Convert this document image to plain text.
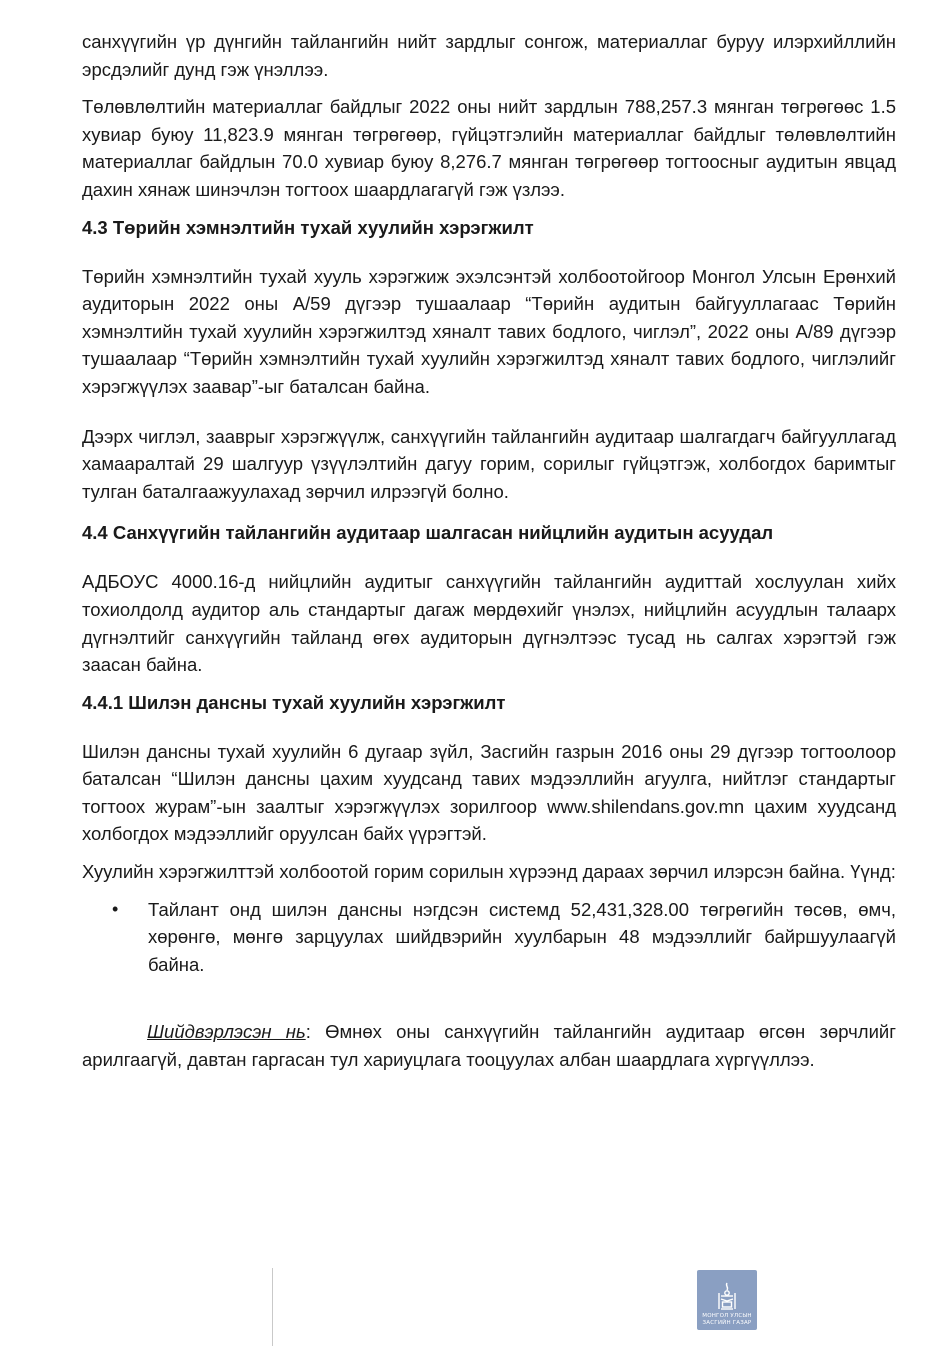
санхүүгийн үр дүнгийн тайлангийн нийт зардлыг сонгож, материаллаг буруу илэрхийллийн эрсдэлийг дунд гэж үнэллээ.

Төлөвлөлтийн материаллаг байдлыг 2022 оны нийт зардлын 788,257.3 мянган төгрөгөөс 1.5 хувиар буюу 11,823.9 мянган төгрөгөөр, гүйцэтгэлийн материаллаг байдлыг төлөвлөлтийн материаллаг байдлын 70.0 хувиар буюу 8,276.7 мянган төгрөгөөр тогтоосныг аудитын явцад дахин хянаж шинэчлэн тогтоох шаардлагагүй гэж үзлээ.

4.3 Төрийн хэмнэлтийн тухай хуулийн хэрэгжилт

Төрийн хэмнэлтийн тухай хууль хэрэгжиж эхэлсэнтэй холбоотойгоор Монгол Улсын Ерөнхий аудиторын 2022 оны А/59 дүгээр тушаалаар “Төрийн аудитын байгууллагаас Төрийн хэмнэлтийн тухай хуулийн хэрэгжилтэд хяналт тавих бодлого, чиглэл”, 2022 оны А/89 дүгээр тушаалаар “Төрийн хэмнэлтийн тухай хуулийн хэрэгжилтэд хяналт тавих бодлого, чиглэлийг хэрэгжүүлэх заавар”-ыг баталсан байна.

Дээрх чиглэл, зааврыг хэрэгжүүлж, санхүүгийн тайлангийн аудитаар шалгагдагч байгууллагад хамааралтай 29 шалгуур үзүүлэлтийн дагуу горим, сорилыг гүйцэтгэж, холбогдох баримтыг тулган баталгаажуулахад зөрчил илрээгүй болно.

4.4 Санхүүгийн тайлангийн аудитаар шалгасан нийцлийн аудитын асуудал

АДБОУС 4000.16-д нийцлийн аудитыг санхүүгийн тайлангийн аудиттай хослуулан хийх тохиолдолд аудитор аль стандартыг дагаж мөрдөхийг үнэлэх, нийцлийн асуудлын талаарх дүгнэлтийг санхүүгийн тайланд өгөх аудиторын дүгнэлтээс тусад нь салгах хэрэгтэй гэж заасан байна.

4.4.1 Шилэн дансны тухай хуулийн хэрэгжилт

Шилэн дансны тухай хуулийн 6 дугаар зүйл, Засгийн газрын 2016 оны 29 дүгээр тогтоолоор баталсан “Шилэн дансны цахим хуудсанд тавих мэдээллийн агуулга, нийтлэг стандартыг тогтоох журам”-ын заалтыг хэрэгжүүлэх зорилгоор www.shilendans.gov.mn цахим хуудсанд холбогдох мэдээллийг оруулсан байх үүрэгтэй.

Хуулийн хэрэгжилттэй холбоотой горим сорилын хүрээнд дараах зөрчил илэрсэн байна. Үүнд:

•	Тайлант онд шилэн дансны нэгдсэн системд 52,431,328.00 төгрөгийн төсөв, өмч, хөрөнгө, мөнгө зарцуулах шийдвэрийн хуулбарын 48 мэдээллийг байршуулаагүй байна.

Шийдвэрлэсэн нь: Өмнөх оны санхүүгийн тайлангийн аудитаар өгсөн зөрчлийг арилгаагүй, давтан гаргасан тул хариуцлага тооцуулах албан шаардлага хүргүүллээ.

МОНГОЛ УЛСЫН
ЗАСГИЙН ГАЗАР
